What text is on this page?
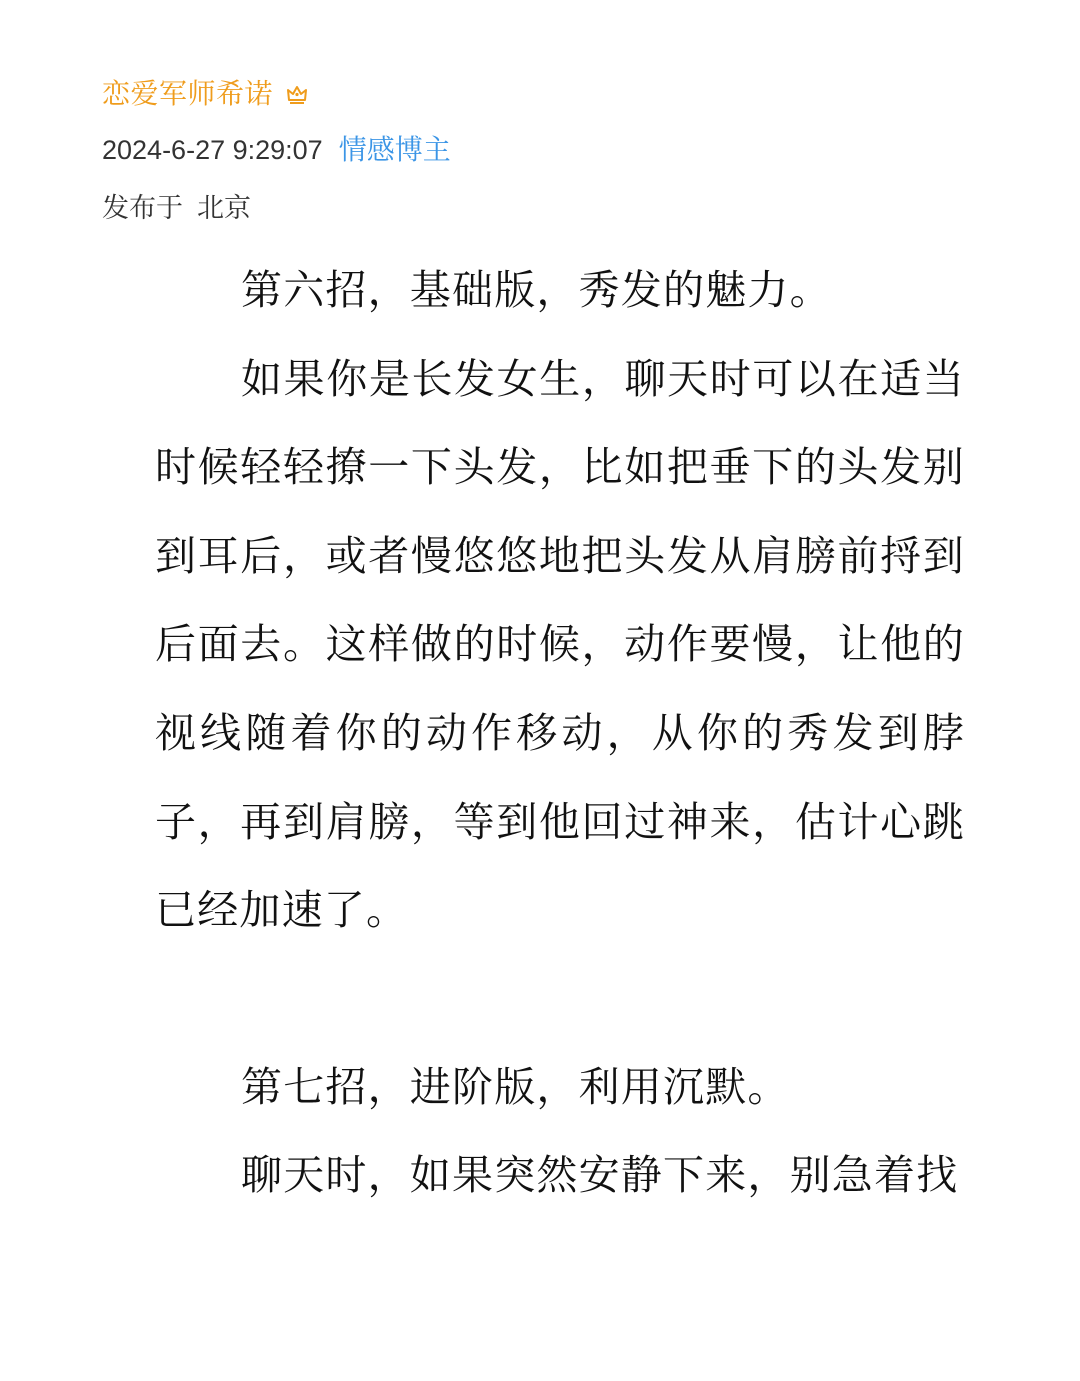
恋爱军师希诺
2024-6-27 9:29:07 情感博主
发布于 北京

第六招，基础版，秀发的魅力。

如果你是长发女生，聊天时可以在适当时候轻轻撩一下头发，比如把垂下的头发别到耳后，或者慢悠悠地把头发从肩膀前捋到后面去。这样做的时候，动作要慢，让他的视线随着你的动作移动，从你的秀发到脖子，再到肩膀，等到他回过神来，估计心跳已经加速了。

第七招，进阶版，利用沉默。

聊天时，如果突然安静下来，别急着找
